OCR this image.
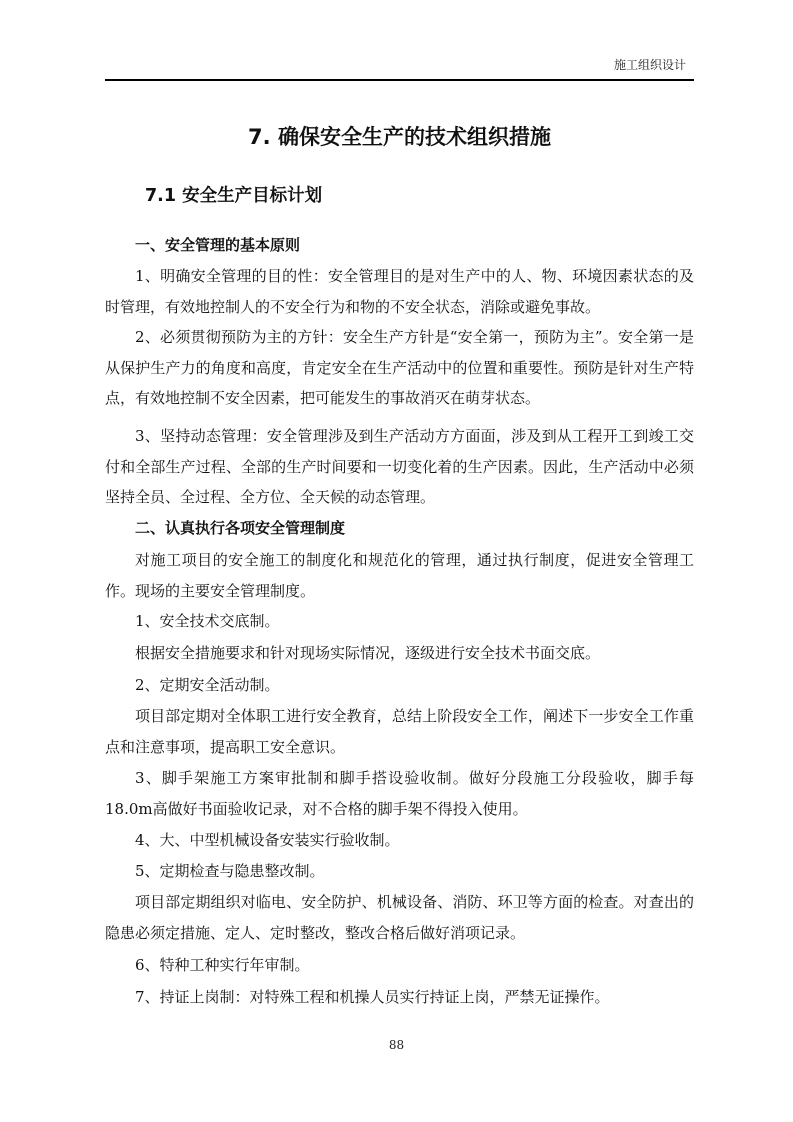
施工组织设计
7. 确保安全生产的技术组织措施
7.1 安全生产目标计划

一、安全管理的基本原则

1、明确安全管理的目的性：安全管理目的是对生产中的人、物、环境因素状态的及时管理，有效地控制人的不安全行为和物的不安全状态，消除或避免事故。

2、必须贯彻预防为主的方针：安全生产方针是“安全第一，预防为主”。安全第一是从保护生产力的角度和高度，肯定安全在生产活动中的位置和重要性。预防是针对生产特点，有效地控制不安全因素，把可能发生的事故消灭在萌芽状态。

3、坚持动态管理：安全管理涉及到生产活动方方面面，涉及到从工程开工到竣工交付和全部生产过程、全部的生产时间要和一切变化着的生产因素。因此，生产活动中必须坚持全员、全过程、全方位、全天候的动态管理。

二、认真执行各项安全管理制度

对施工项目的安全施工的制度化和规范化的管理，通过执行制度，促进安全管理工作。现场的主要安全管理制度。

1、安全技术交底制。

根据安全措施要求和针对现场实际情况，逐级进行安全技术书面交底。

2、定期安全活动制。

项目部定期对全体职工进行安全教育，总结上阶段安全工作，阐述下一步安全工作重点和注意事项，提高职工安全意识。

3、脚手架施工方案审批制和脚手搭设验收制。做好分段施工分段验收，脚手每18.0m高做好书面验收记录，对不合格的脚手架不得投入使用。

4、大、中型机械设备安装实行验收制。

5、定期检查与隐患整改制。

项目部定期组织对临电、安全防护、机械设备、消防、环卫等方面的检查。对查出的隐患必须定措施、定人、定时整改，整改合格后做好消项记录。

6、特种工种实行年审制。

7、持证上岗制：对特殊工程和机操人员实行持证上岗，严禁无证操作。

88
